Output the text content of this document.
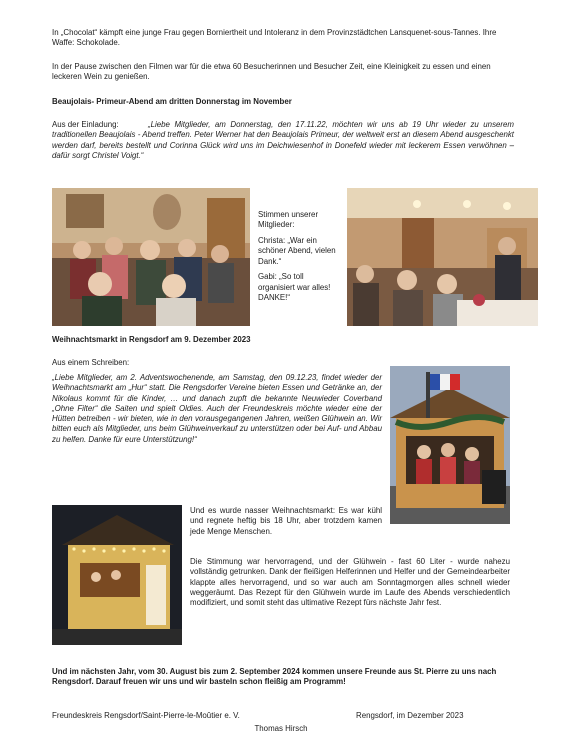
In „Chocolat“ kämpft eine junge Frau gegen Borniertheit und Intoleranz in dem Provinzstädtchen Lansquenet-sous-Tannes. Ihre Waffe: Schokolade.

In der Pause zwischen den Filmen war für die etwa 60 Besucherinnen und Besucher Zeit, eine Kleinigkeit zu essen und einen leckeren Wein zu genießen.

Beaujolais- Primeur-Abend am dritten Donnerstag im November

Aus der Einladung:	„Liebe Mitglieder, am Donnerstag, den 17.11.22, möchten wir uns ab 19 Uhr wieder zu unserem traditionellen Beaujolais - Abend treffen. Peter Werner hat den Beaujolais Primeur, der weltweit erst an diesem Abend ausgeschenkt werden darf, bereits bestellt und Corinna Glück wird uns im Deichwiesenhof in Donefeld wieder mit leckerem Essen verwöhnen – dafür sorgt Christel Voigt.“

Stimmen unserer Mitglieder:

Christa: „War ein schöner Abend, vielen Dank.“

Gabi: „So toll organisiert war alles! DANKE!“

Weihnachtsmarkt in Rengsdorf am 9. Dezember 2023

Aus einem Schreiben:

„Liebe Mitglieder, am 2. Adventswochenende, am Samstag, den 09.12.23, findet wieder der Weihnachtsmarkt am „Hur“ statt. Die Rengsdorfer Vereine bieten Essen und Getränke an, der Nikolaus kommt für die Kinder, … und danach zupft die bekannte Neuwieder Coverband „Ohne Filter“ die Saiten und spielt Oldies. Auch der Freundeskreis möchte wieder eine der Hütten betreiben - wir bieten, wie in den vorausgegangenen Jahren, weißen Glühwein an. Wir bitten euch als Mitglieder, uns beim Glühweinverkauf zu unterstützen oder bei Auf- und Abbau zu helfen. Danke für eure Unterstützung!“

Und es wurde nasser Weihnachtsmarkt: Es war kühl und regnete heftig bis 18 Uhr, aber trotzdem kamen jede Menge Menschen.

Die Stimmung war hervorragend, und der Glühwein - fast 60 Liter - wurde nahezu vollständig getrunken. Dank der fleißigen Helferinnen und Helfer und der Gemeindearbeiter klappte alles hervorragend, und so war auch am Sonntagmorgen alles schnell wieder weggeräumt. Das Rezept für den Glühwein wurde im Laufe des Abends verschiedentlich modifiziert, und somit steht das ultimative Rezept fürs nächste Jahr fest.

Und im nächsten Jahr, vom 30. August bis zum 2. September 2024 kommen unsere Freunde aus St. Pierre zu uns nach Rengsdorf. Darauf freuen wir uns und wir basteln schon fleißig am Programm!

Freundeskreis Rengsdorf/Saint-Pierre-le-Moûtier e. V.	Rengsdorf, im Dezember 2023
Thomas Hirsch
